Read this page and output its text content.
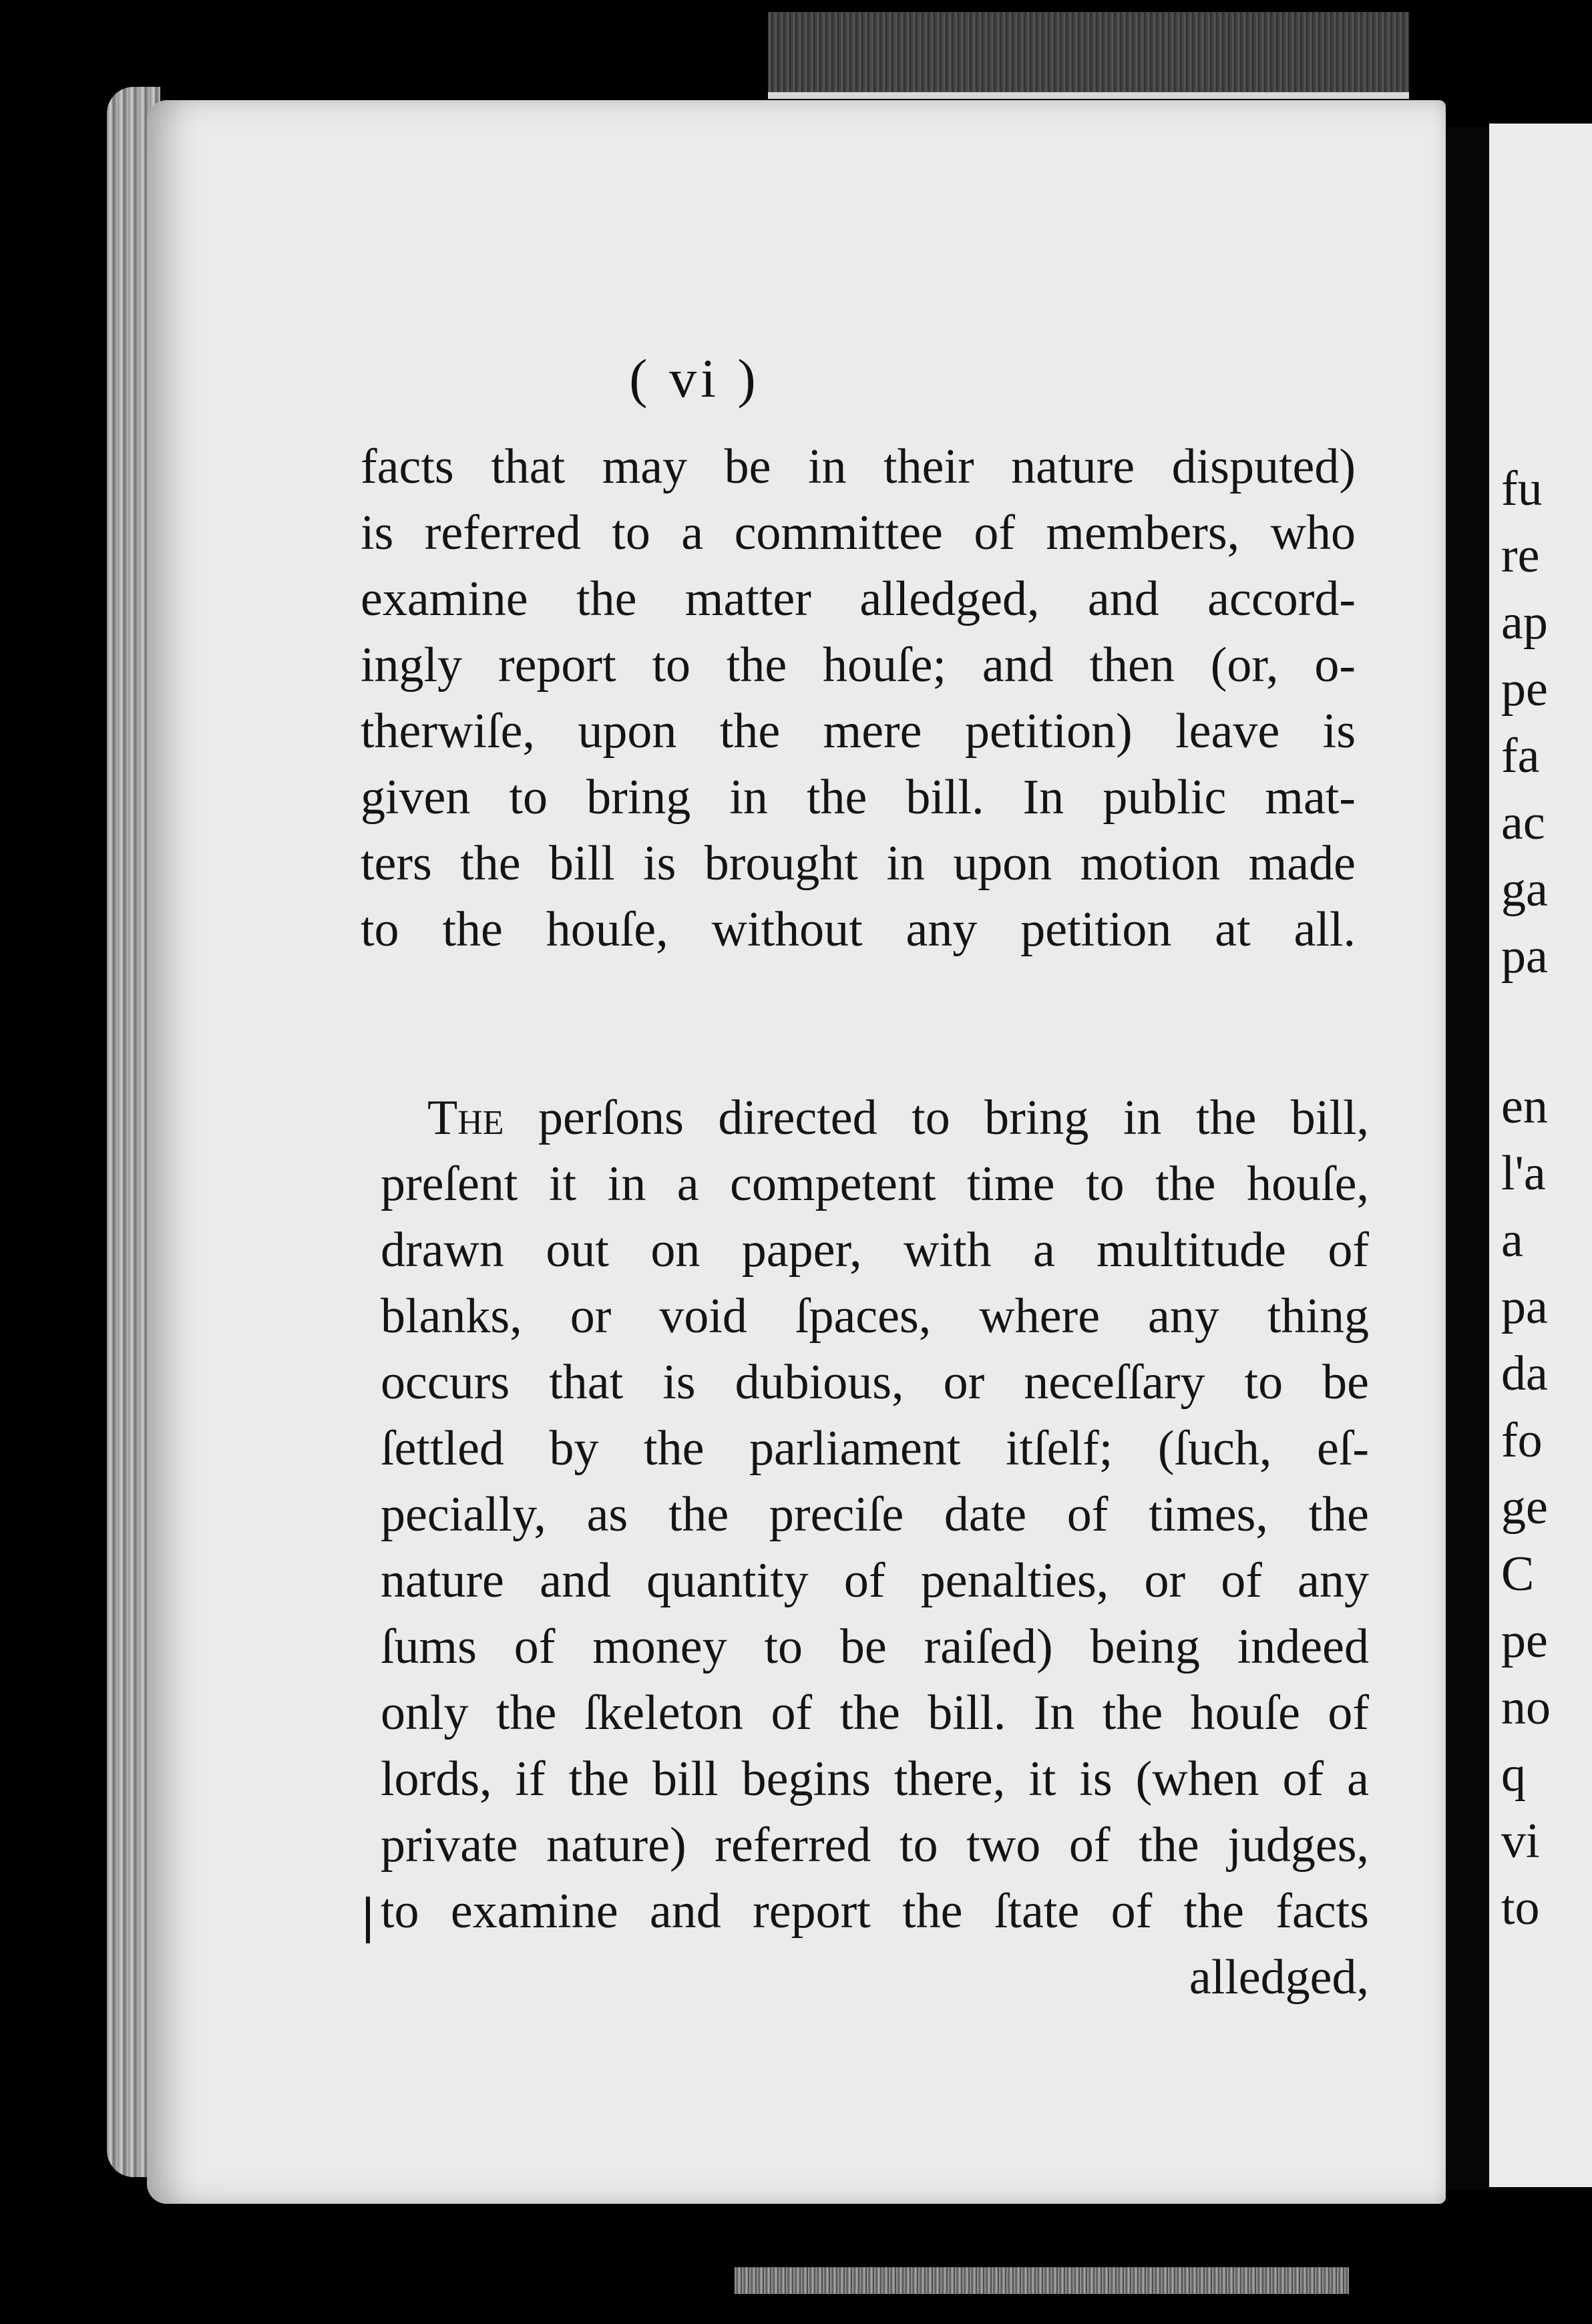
( vi )
facts that may be in their nature disputed)
is referred to a committee of members, who
examine the matter alledged, and accord-
ingly report to the houſe; and then (or, o-
therwiſe, upon the mere petition) leave is
given to bring in the bill. In public mat-
ters the bill is brought in upon motion made
to the houſe, without any petition at all.
The perſons directed to bring in the bill,
preſent it in a competent time to the houſe,
drawn out on paper, with a multitude of
blanks, or void ſpaces, where any thing
occurs that is dubious, or neceſſary to be
ſettled by the parliament itſelf; (ſuch, eſ-
pecially, as the preciſe date of times, the
nature and quantity of penalties, or of any
ſums of money to be raiſed) being indeed
only the ſkeleton of the bill. In the houſe of
lords, if the bill begins there, it is (when of a
private nature) referred to two of the judges,
to examine and report the ſtate of the facts
alledged,
fu
re
ap
pe
fa
ac
ga
pa
en
l'a
a
pa
da
fo
ge
C
pe
no
q
vi
to
